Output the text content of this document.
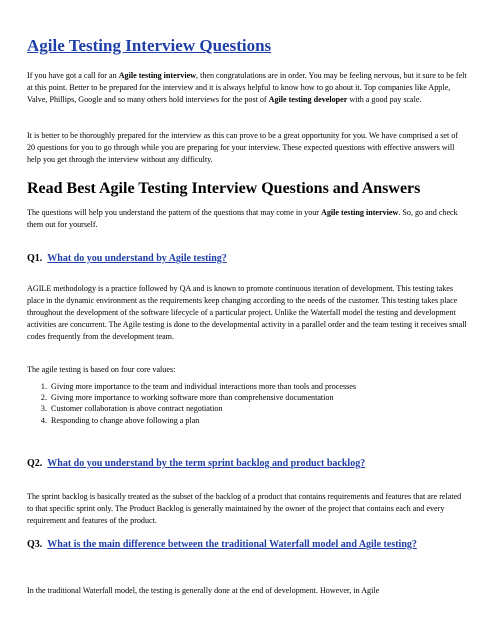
Agile Testing Interview Questions

If you have got a call for an Agile testing interview, then congratulations are in order. You may be feeling nervous, but it sure to be felt at this point. Better to be prepared for the interview and it is always helpful to know how to go about it. Top companies like Apple, Valve, Phillips, Google and so many others hold interviews for the post of Agile testing developer with a good pay scale.

It is better to be thoroughly prepared for the interview as this can prove to be a great opportunity for you. We have comprised a set of 20 questions for you to go through while you are preparing for your interview. These expected questions with effective answers will help you get through the interview without any difficulty.

Read Best Agile Testing Interview Questions and Answers

The questions will help you understand the pattern of the questions that may come in your Agile testing interview. So, go and check them out for yourself.

Q1. What do you understand by Agile testing?

AGILE methodology is a practice followed by QA and is known to promote continuous iteration of development. This testing takes place in the dynamic environment as the requirements keep changing according to the needs of the customer. This testing takes place throughout the development of the software lifecycle of a particular project. Unlike the Waterfall model the testing and development activities are concurrent. The Agile testing is done to the developmental activity in a parallel order and the team testing it receives small codes frequently from the development team.

The agile testing is based on four core values:

1. Giving more importance to the team and individual interactions more than tools and processes
2. Giving more importance to working software more than comprehensive documentation
3. Customer collaboration is above contract negotiation
4. Responding to change above following a plan

Q2. What do you understand by the term sprint backlog and product backlog?

The sprint backlog is basically treated as the subset of the backlog of a product that contains requirements and features that are related to that specific sprint only. The Product Backlog is generally maintained by the owner of the project that contains each and every requirement and features of the product.

Q3. What is the main difference between the traditional Waterfall model and Agile testing?

In the traditional Waterfall model, the testing is generally done at the end of development. However, in Agile
